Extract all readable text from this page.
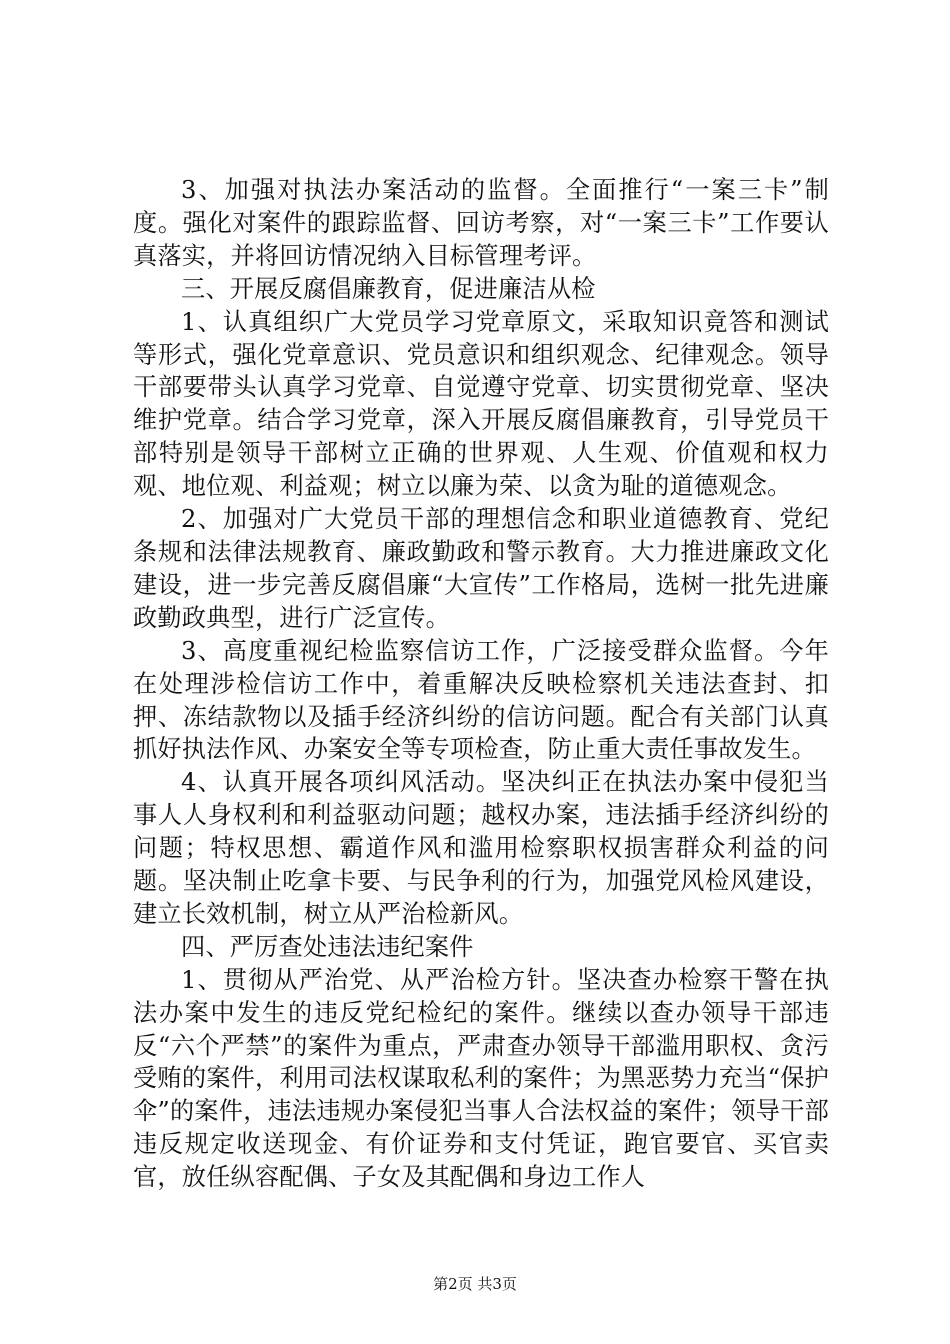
3、加强对执法办案活动的监督。全面推行“一案三卡”制度。强化对案件的跟踪监督、回访考察，对“一案三卡”工作要认真落实，并将回访情况纳入目标管理考评。

三、开展反腐倡廉教育，促进廉洁从检

1、认真组织广大党员学习党章原文，采取知识竟答和测试等形式，强化党章意识、党员意识和组织观念、纪律观念。领导干部要带头认真学习党章、自觉遵守党章、切实贯彻党章、坚决维护党章。结合学习党章，深入开展反腐倡廉教育，引导党员干部特别是领导干部树立正确的世界观、人生观、价值观和权力观、地位观、利益观；树立以廉为荣、以贪为耻的道德观念。

2、加强对广大党员干部的理想信念和职业道德教育、党纪条规和法律法规教育、廉政勤政和警示教育。大力推进廉政文化建设，进一步完善反腐倡廉“大宣传”工作格局，选树一批先进廉政勤政典型，进行广泛宣传。

3、高度重视纪检监察信访工作，广泛接受群众监督。今年在处理涉检信访工作中，着重解决反映检察机关违法查封、扣押、冻结款物以及插手经济纠纷的信访问题。配合有关部门认真抓好执法作风、办案安全等专项检查，防止重大责任事故发生。

4、认真开展各项纠风活动。坚决纠正在执法办案中侵犯当事人人身权利和利益驱动问题；越权办案，违法插手经济纠纷的问题；特权思想、霸道作风和滥用检察职权损害群众利益的问题。坚决制止吃拿卡要、与民争利的行为，加强党风检风建设，建立长效机制，树立从严治检新风。

四、严厉查处违法违纪案件

1、贯彻从严治党、从严治检方针。坚决查办检察干警在执法办案中发生的违反党纪检纪的案件。继续以查办领导干部违反“六个严禁”的案件为重点，严肃查办领导干部滥用职权、贪污受贿的案件，利用司法权谋取私利的案件；为黑恶势力充当“保护伞”的案件，违法违规办案侵犯当事人合法权益的案件；领导干部违反规定收送现金、有价证券和支付凭证，跑官要官、买官卖官，放任纵容配偶、子女及其配偶和身边工作人

第2页 共3页
